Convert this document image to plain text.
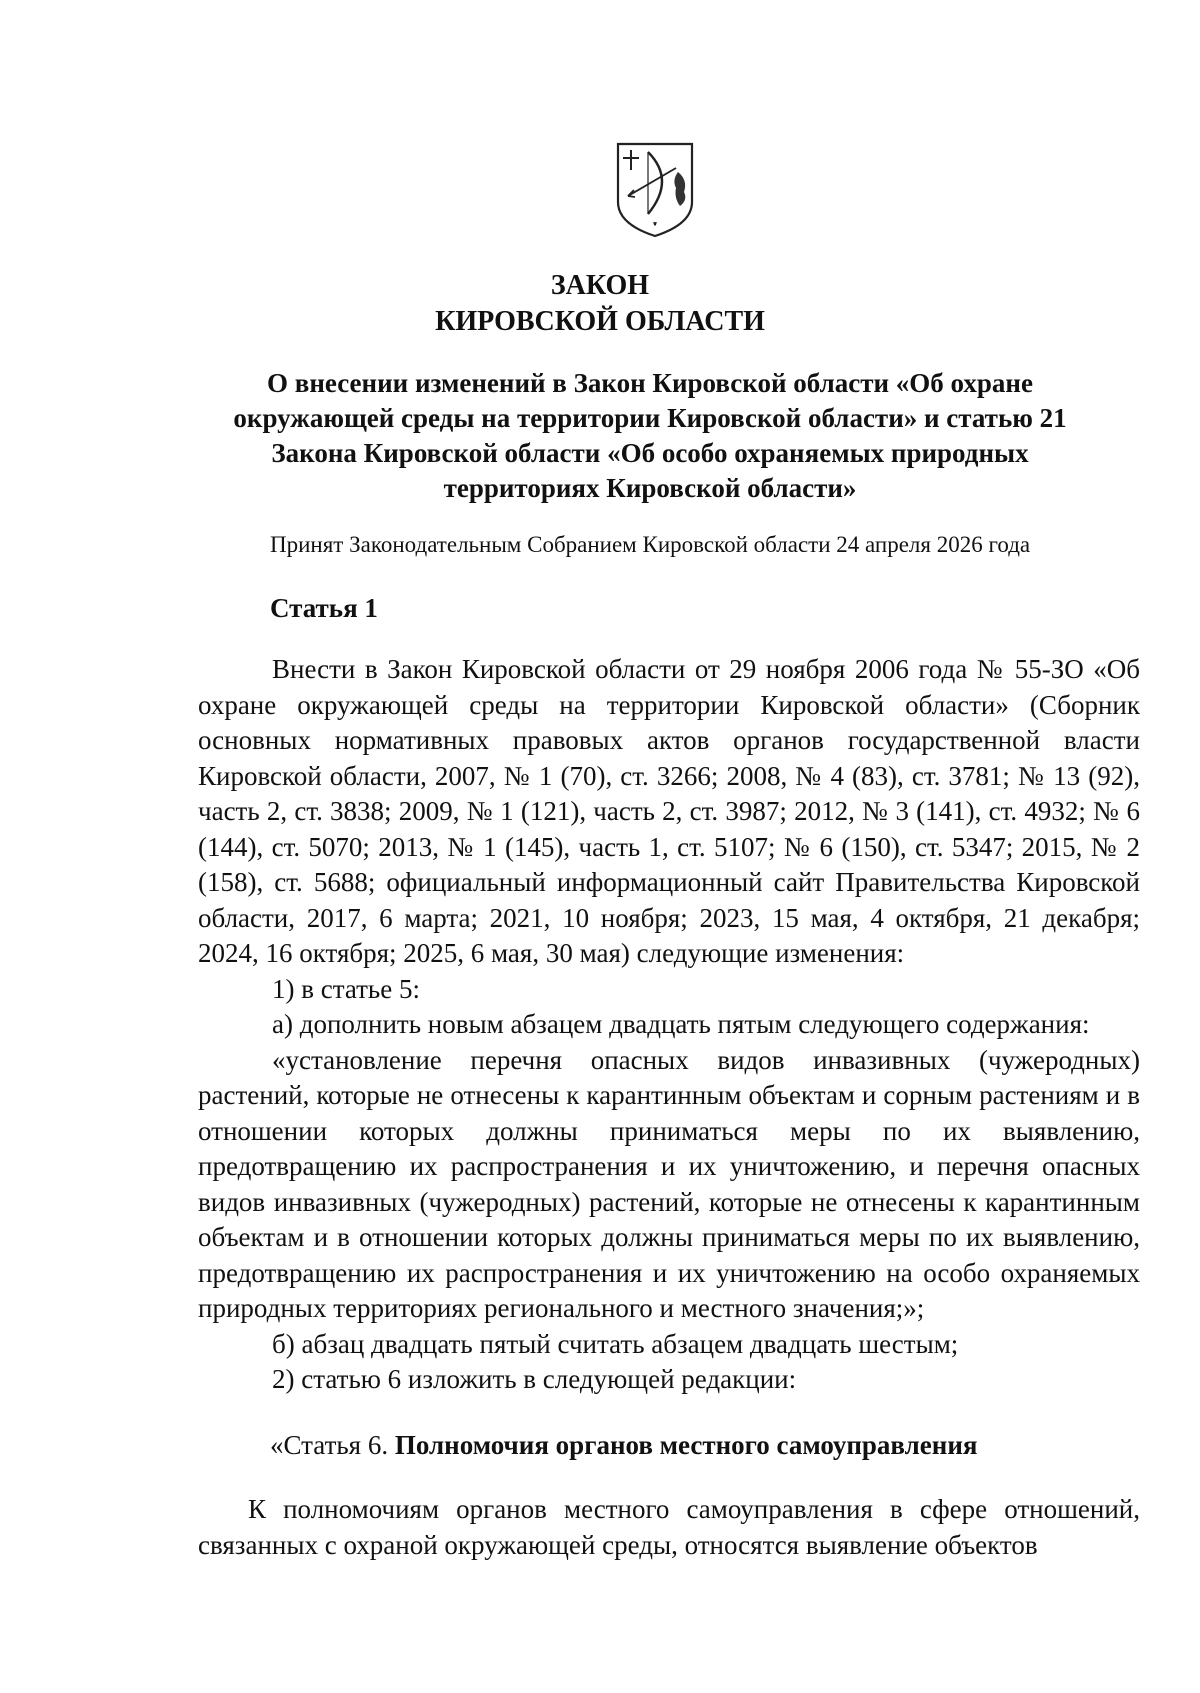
ЗАКОН
КИРОВСКОЙ ОБЛАСТИ
О внесении изменений в Закон Кировской области «Об охране
окружающей среды на территории Кировской области» и статью 21
Закона Кировской области «Об особо охраняемых природных
территориях Кировской области»
Принят Законодательным Собранием Кировской области 24 апреля 2026 года
Статья 1

Внести в Закон Кировской области от 29 ноября 2006 года № 55-ЗО «Об охране окружающей среды на территории Кировской области» (Сборник основных нормативных правовых актов органов государственной власти Кировской области, 2007, № 1 (70), ст. 3266; 2008, № 4 (83), ст. 3781; № 13 (92), часть 2, ст. 3838; 2009, № 1 (121), часть 2, ст. 3987; 2012, № 3 (141), ст. 4932; № 6 (144), ст. 5070; 2013, № 1 (145), часть 1, ст. 5107; № 6 (150), ст. 5347; 2015, № 2 (158), ст. 5688; официальный информационный сайт Правительства Кировской области, 2017, 6 марта; 2021, 10 ноября; 2023, 15 мая, 4 октября, 21 декабря; 2024, 16 октября; 2025, 6 мая, 30 мая) следующие изменения:

1) в статье 5:

а) дополнить новым абзацем двадцать пятым следующего содержания:

«установление перечня опасных видов инвазивных (чужеродных) растений, которые не отнесены к карантинным объектам и сорным растениям и в отношении которых должны приниматься меры по их выявлению, предотвращению их распространения и их уничтожению, и перечня опасных видов инвазивных (чужеродных) растений, которые не отнесены к карантинным объектам и в отношении которых должны приниматься меры по их выявлению, предотвращению их распространения и их уничтожению на особо охраняемых природных территориях регионального и местного значения;»;

б) абзац двадцать пятый считать абзацем двадцать шестым;

2) статью 6 изложить в следующей редакции:

«Статья 6. Полномочия органов местного самоуправления

К полномочиям органов местного самоуправления в сфере отношений, связанных с охраной окружающей среды, относятся выявление объектов
